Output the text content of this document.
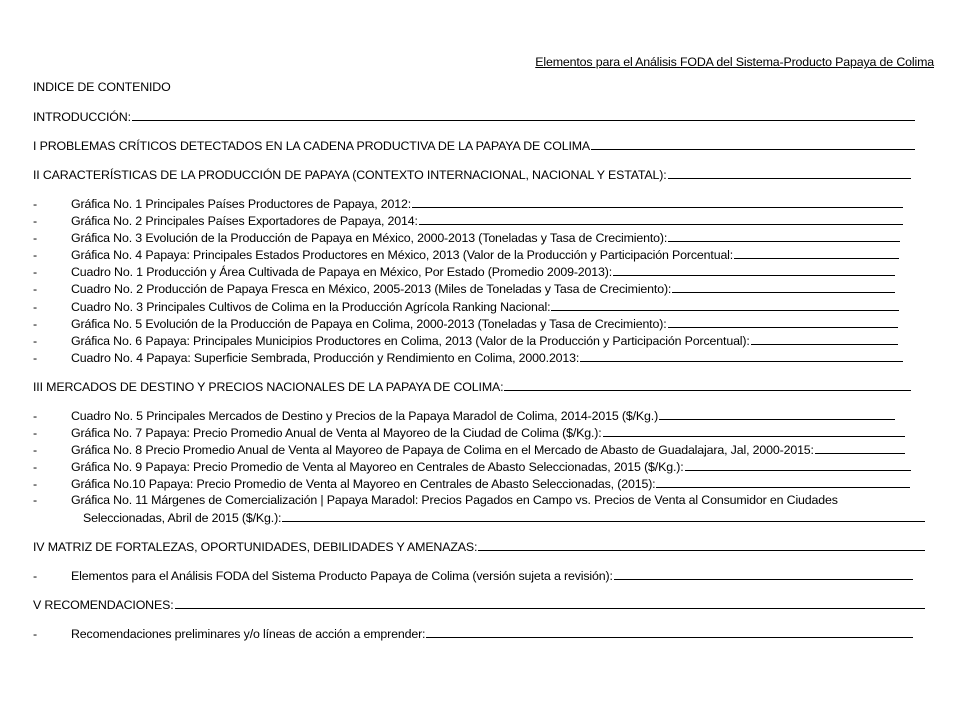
Elementos para el Análisis FODA del Sistema-Producto Papaya de Colima
INDICE DE CONTENIDO
INTRODUCCIÓN:
I PROBLEMAS CRÍTICOS DETECTADOS EN LA CADENA PRODUCTIVA DE LA PAPAYA DE COLIMA
II CARACTERÍSTICAS DE LA PRODUCCIÓN DE PAPAYA (CONTEXTO INTERNACIONAL, NACIONAL Y ESTATAL):
-	Gráfica No. 1 Principales Países Productores de Papaya, 2012:
-	Gráfica No. 2 Principales Países Exportadores de Papaya, 2014:
-	Gráfica No. 3 Evolución de la Producción de Papaya en México, 2000-2013 (Toneladas y Tasa de Crecimiento):
-	Gráfica No. 4 Papaya: Principales Estados Productores en México, 2013 (Valor de la Producción y Participación Porcentual:
-	Cuadro No. 1 Producción y Área Cultivada de Papaya en México, Por Estado (Promedio 2009-2013):
-	Cuadro No. 2 Producción de Papaya Fresca en México, 2005-2013 (Miles de Toneladas y Tasa de Crecimiento):
-	Cuadro No. 3 Principales Cultivos de Colima en la Producción Agrícola Ranking Nacional:
-	Gráfica No. 5 Evolución de la Producción de Papaya en Colima, 2000-2013 (Toneladas y Tasa de Crecimiento):
-	Gráfica No. 6 Papaya: Principales Municipios Productores en Colima, 2013 (Valor de la Producción y Participación Porcentual):
-	Cuadro No. 4 Papaya: Superficie Sembrada, Producción y Rendimiento en Colima, 2000.2013:
III MERCADOS DE DESTINO Y PRECIOS NACIONALES DE LA PAPAYA DE COLIMA:
-	Cuadro No. 5 Principales Mercados de Destino y Precios de la Papaya Maradol de Colima, 2014-2015 ($/Kg.)
-	Gráfica No. 7 Papaya: Precio Promedio Anual de Venta al Mayoreo de la Ciudad de Colima ($/Kg.):
-	Gráfica No. 8 Precio Promedio Anual de Venta al Mayoreo de Papaya de Colima en el Mercado de Abasto de Guadalajara, Jal, 2000-2015:
-	Gráfica No. 9 Papaya: Precio Promedio de Venta al Mayoreo en Centrales de Abasto Seleccionadas, 2015 ($/Kg.):
-	Gráfica No.10 Papaya: Precio Promedio de Venta al Mayoreo en Centrales de Abasto Seleccionadas, (2015):
-	Gráfica No. 11 Márgenes de Comercialización | Papaya Maradol: Precios Pagados en Campo vs. Precios de Venta al Consumidor en Ciudades
Seleccionadas, Abril de 2015 ($/Kg.):
IV MATRIZ DE FORTALEZAS, OPORTUNIDADES, DEBILIDADES Y AMENAZAS:
-	Elementos para el Análisis FODA del Sistema Producto Papaya de Colima (versión sujeta a revisión):
V RECOMENDACIONES:
-	Recomendaciones preliminares y/o líneas de acción a emprender:
